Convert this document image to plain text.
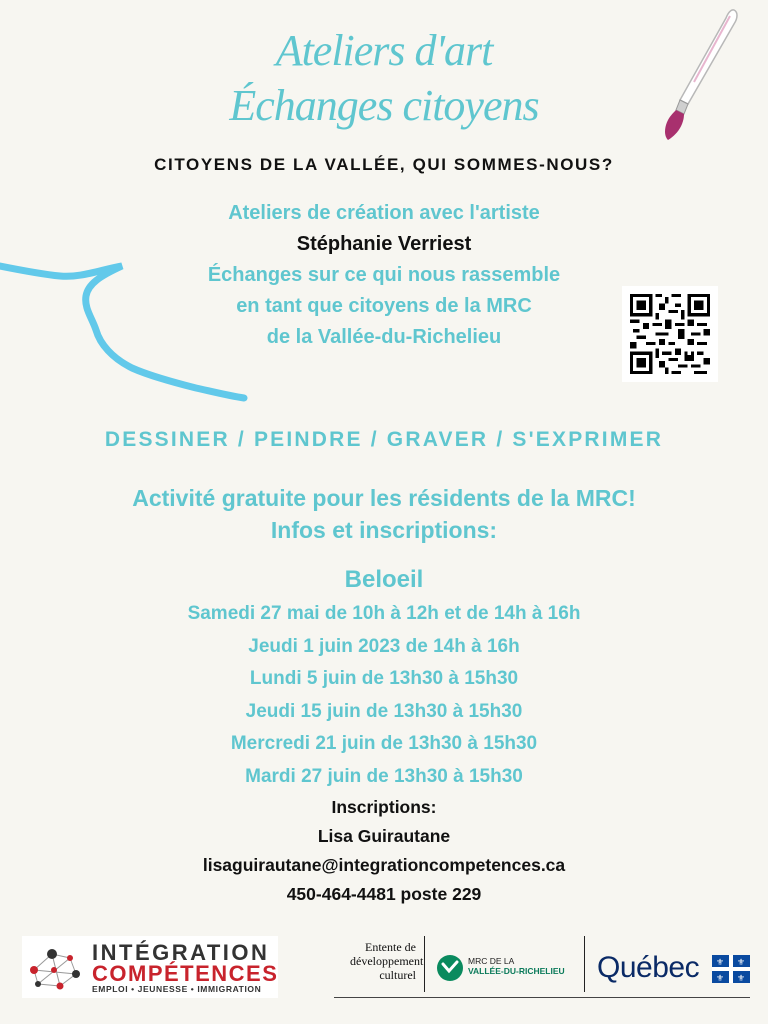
Ateliers d'art
Échanges citoyens
CITOYENS DE LA VALLÉE, QUI SOMMES-NOUS?
Ateliers de création avec l'artiste
Stéphanie Verriest
Échanges sur ce qui nous rassemble
en tant que citoyens de la MRC
de la Vallée-du-Richelieu
DESSINER / PEINDRE / GRAVER / S'EXPRIMER
Activité gratuite pour les résidents de la MRC!
Infos et inscriptions:
Beloeil
Samedi 27 mai de 10h à 12h et de 14h à 16h
Jeudi 1 juin 2023 de 14h à 16h
Lundi 5 juin de 13h30 à 15h30
Jeudi 15 juin de 13h30 à 15h30
Mercredi 21 juin de 13h30 à 15h30
Mardi 27 juin de 13h30 à 15h30
Inscriptions:
Lisa Guirautane
lisaguirautane@integrationcompetences.ca
450-464-4481 poste 229
INTÉGRATION
COMPÉTENCES
EMPLOI • JEUNESSE • IMMIGRATION
Entente de
développement
culturel
MRC DE LA
VALLÉE-DU-RICHELIEU Québec ⚜ ⚜
⚜ ⚜
